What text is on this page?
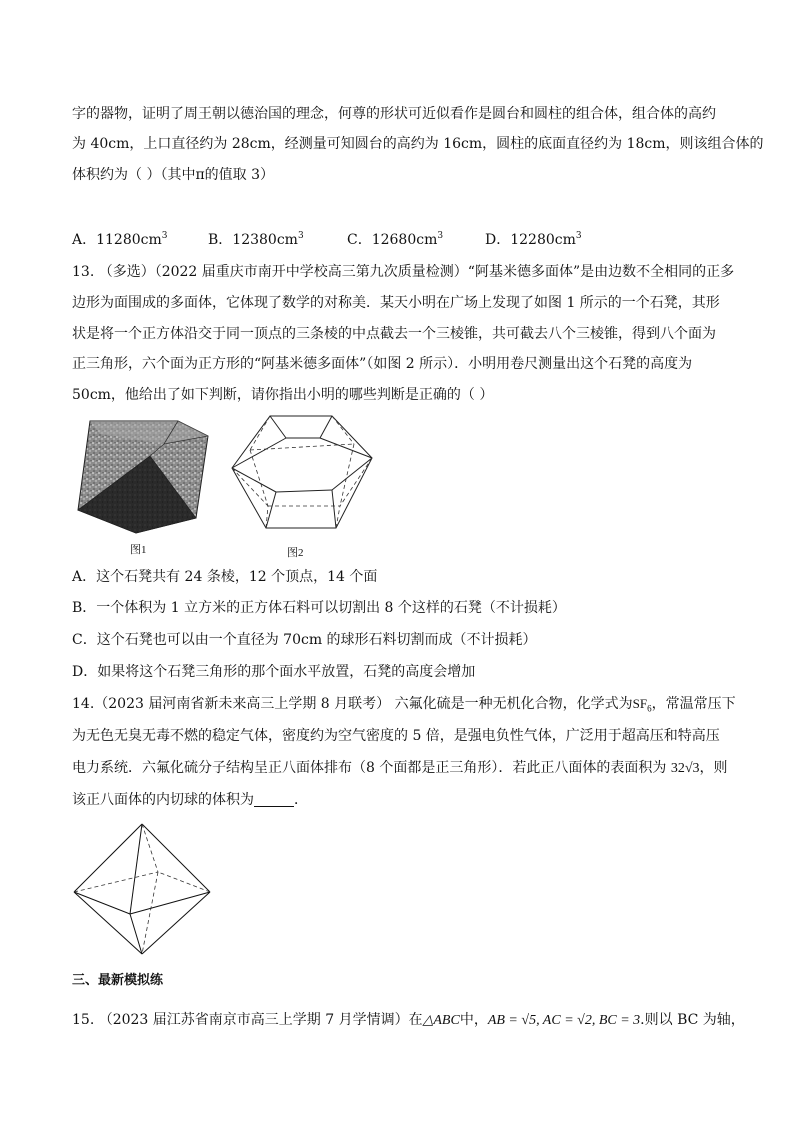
字的器物，证明了周王朝以德治国的理念，何尊的形状可近似看作是圆台和圆柱的组合体，组合体的高约
为 40cm，上口直径约为 28cm，经测量可知圆台的高约为 16cm，圆柱的底面直径约为 18cm，则该组合体的
体积约为（ ）（其中π的值取 3）
A．$11280cm^3$	B．$12380cm^3$	C．$12680cm^3$	D．$12280cm^3$
13. （多选）（2022 届重庆市南开中学校高三第九次质量检测）“阿基米德多面体”是由边数不全相同的正多
边形为面围成的多面体，它体现了数学的对称美．某天小明在广场上发现了如图 1 所示的一个石凳，其形
状是将一个正方体沿交于同一顶点的三条棱的中点截去一个三棱锥，共可截去八个三棱锥，得到八个面为
正三角形，六个面为正方形的“阿基米德多面体”（如图 2 所示）．小明用卷尺测量出这个石凳的高度为
50cm，他给出了如下判断，请你指出小明的哪些判断是正确的（ ）
图1	图2
A．这个石凳共有 24 条棱，12 个顶点，14 个面
B．一个体积为 1 立方米的正方体石料可以切割出 8 个这样的石凳（不计损耗）
C．这个石凳也可以由一个直径为 70cm 的球形石料切割而成（不计损耗）
D．如果将这个石凳三角形的那个面水平放置，石凳的高度会增加
14.（2023 届河南省新未来高三上学期 8 月联考） 六氟化硫是一种无机化合物，化学式为$SF_6$，常温常压下
为无色无臭无毒不燃的稳定气体，密度约为空气密度的 5 倍，是强电负性气体，广泛用于超高压和特高压
电力系统．六氟化硫分子结构呈正八面体排布（8 个面都是正三角形）．若此正八面体的表面积为 32√3，则
该正八面体的内切球的体积为	．
三、最新模拟练
15. （2023 届江苏省南京市高三上学期 7 月学情调）在△ABC中，AB = √5, AC = √2, BC = 3.则以 BC 为轴，
